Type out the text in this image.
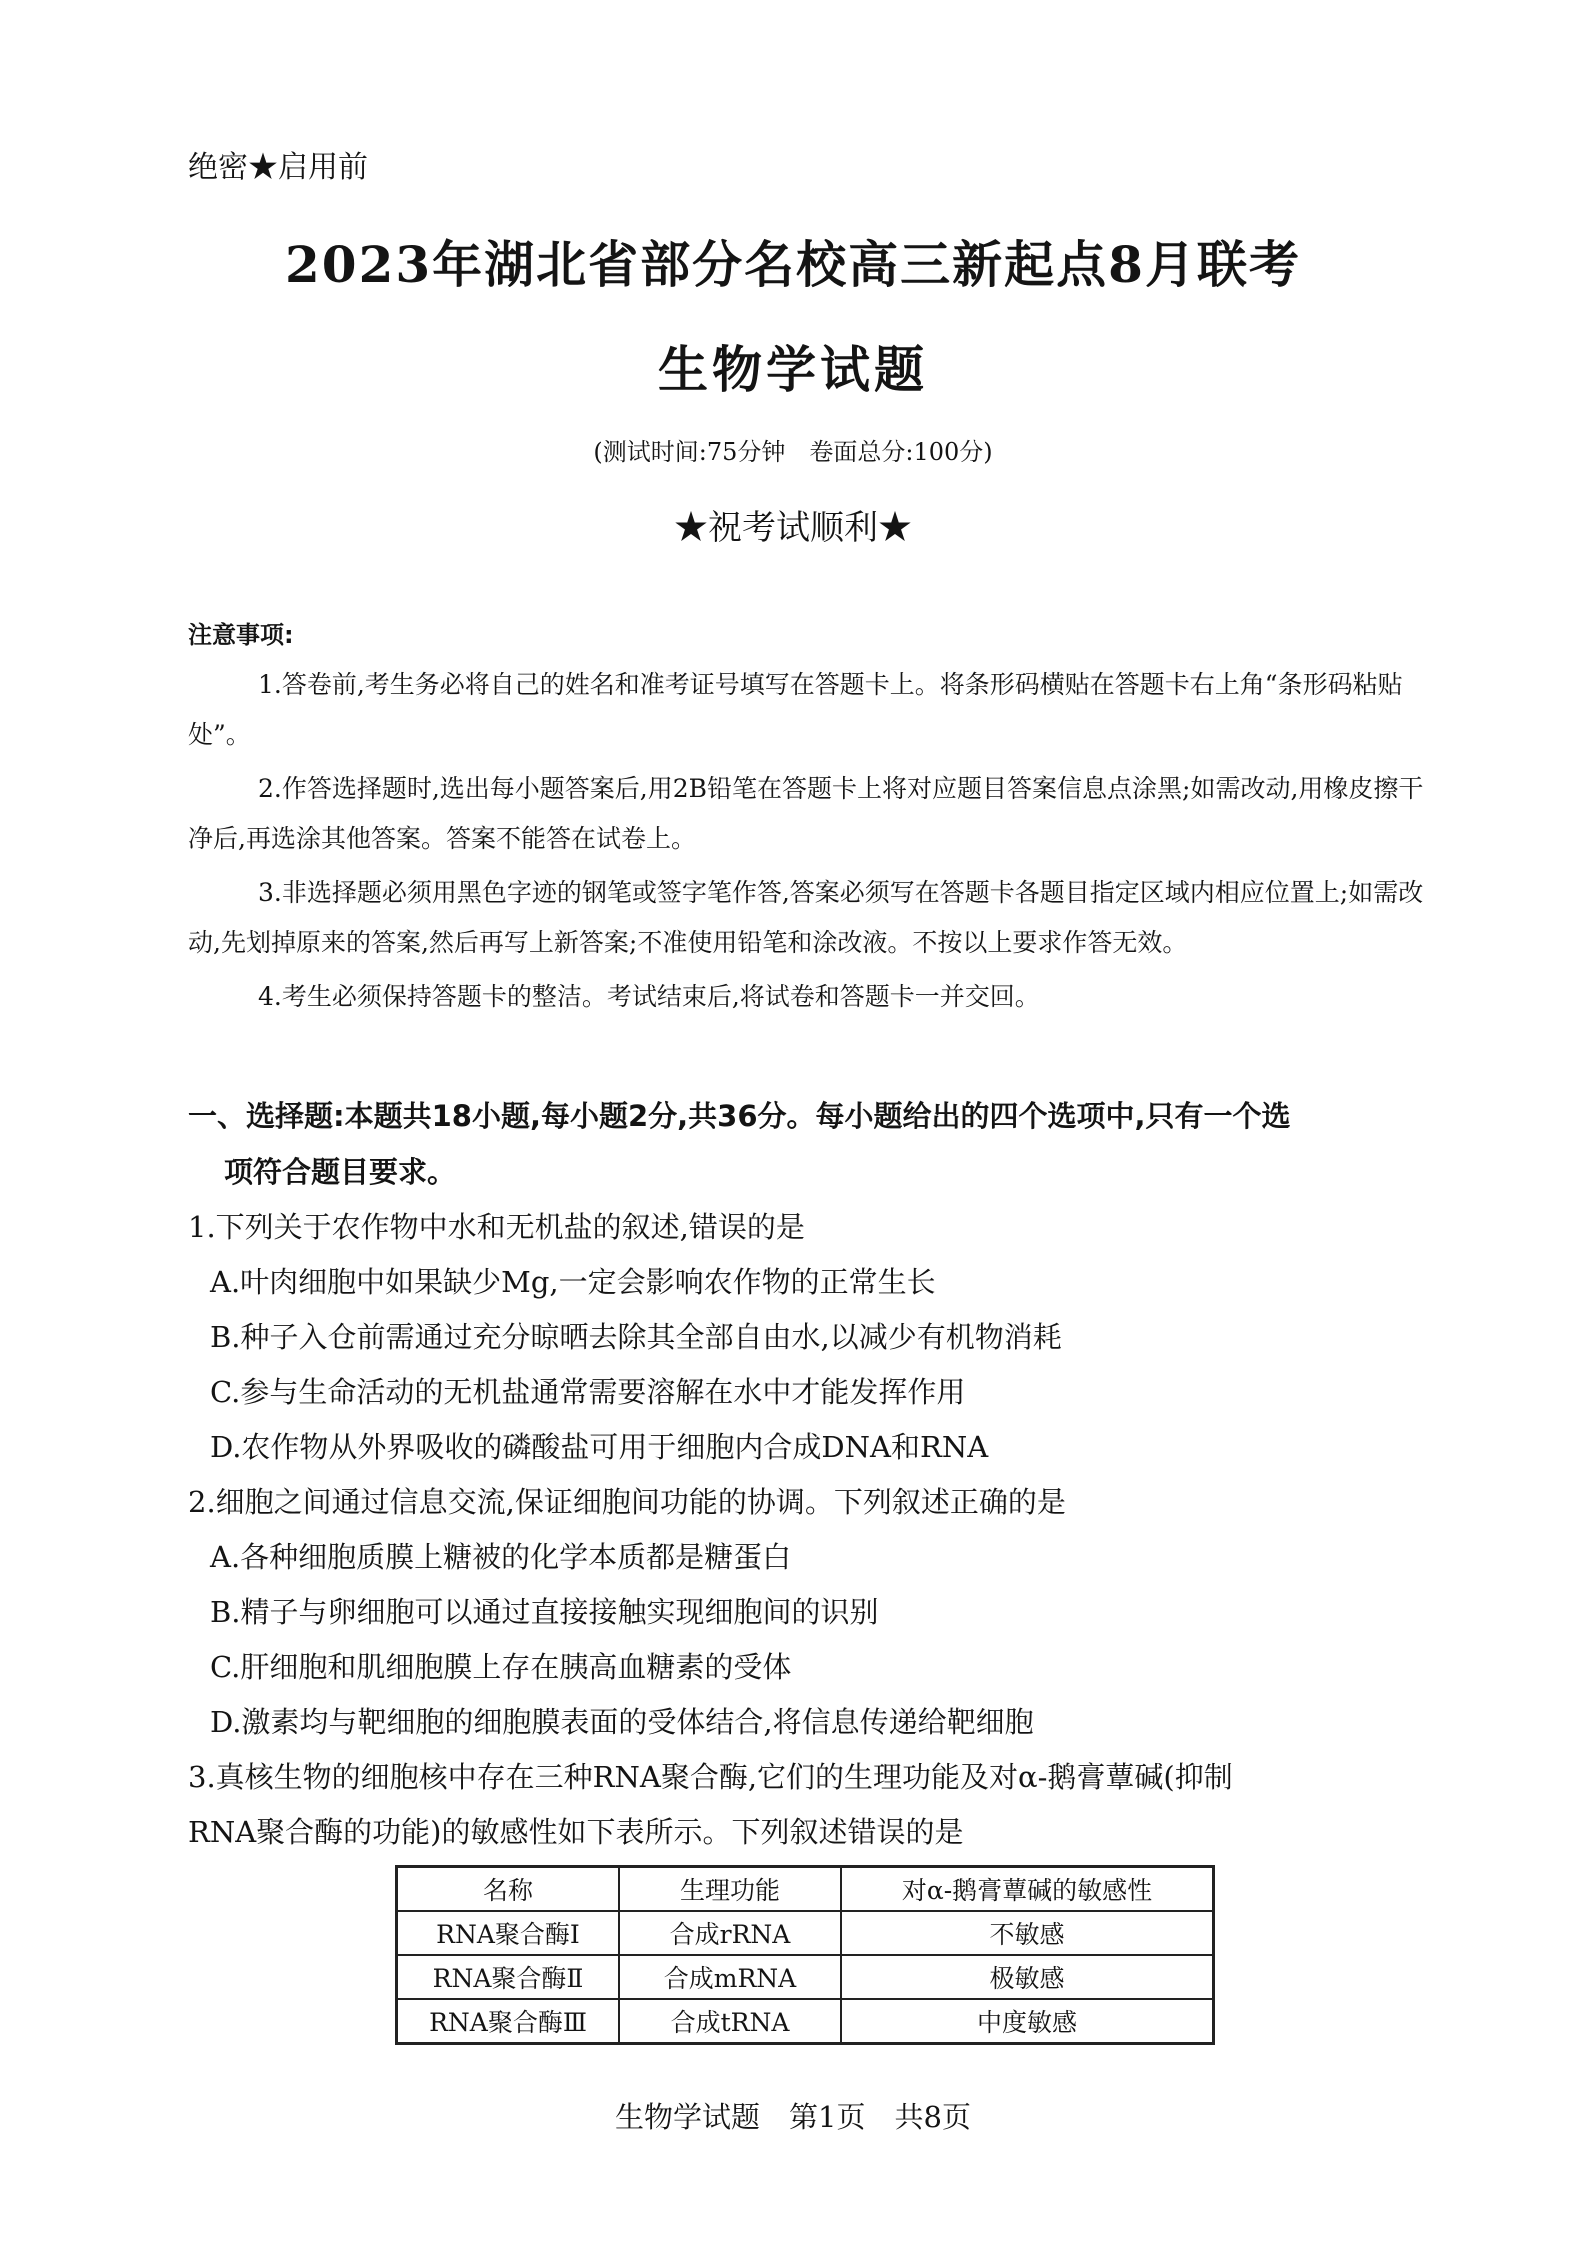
绝密★启用前
2023年湖北省部分名校高三新起点8月联考
生物学试题
(测试时间:75分钟　卷面总分:100分)
★祝考试顺利★
注意事项:
1.答卷前,考生务必将自己的姓名和准考证号填写在答题卡上。将条形码横贴在答题卡右上角“条形码粘贴处”。
2.作答选择题时,选出每小题答案后,用2B铅笔在答题卡上将对应题目答案信息点涂黑;如需改动,用橡皮擦干净后,再选涂其他答案。答案不能答在试卷上。
3.非选择题必须用黑色字迹的钢笔或签字笔作答,答案必须写在答题卡各题目指定区域内相应位置上;如需改动,先划掉原来的答案,然后再写上新答案;不准使用铅笔和涂改液。不按以上要求作答无效。
4.考生必须保持答题卡的整洁。考试结束后,将试卷和答题卡一并交回。
一、选择题:本题共18小题,每小题2分,共36分。每小题给出的四个选项中,只有一个选
项符合题目要求。
1.下列关于农作物中水和无机盐的叙述,错误的是
A.叶肉细胞中如果缺少Mg,一定会影响农作物的正常生长
B.种子入仓前需通过充分晾晒去除其全部自由水,以减少有机物消耗
C.参与生命活动的无机盐通常需要溶解在水中才能发挥作用
D.农作物从外界吸收的磷酸盐可用于细胞内合成DNA和RNA
2.细胞之间通过信息交流,保证细胞间功能的协调。下列叙述正确的是
A.各种细胞质膜上糖被的化学本质都是糖蛋白
B.精子与卵细胞可以通过直接接触实现细胞间的识别
C.肝细胞和肌细胞膜上存在胰高血糖素的受体
D.激素均与靶细胞的细胞膜表面的受体结合,将信息传递给靶细胞
3.真核生物的细胞核中存在三种RNA聚合酶,它们的生理功能及对α-鹅膏蕈碱(抑制
RNA聚合酶的功能)的敏感性如下表所示。下列叙述错误的是
名称	生理功能	对α-鹅膏蕈碱的敏感性
RNA聚合酶Ⅰ	合成rRNA	不敏感
RNA聚合酶Ⅱ	合成mRNA	极敏感
RNA聚合酶Ⅲ	合成tRNA	中度敏感
生物学试题　第1页　共8页
